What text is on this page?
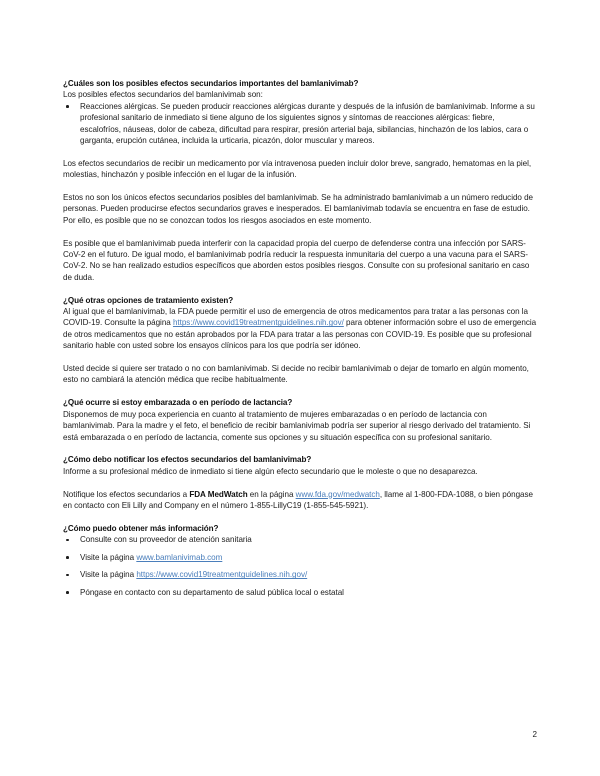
¿Cuáles son los posibles efectos secundarios importantes del bamlanivimab?

Los posibles efectos secundarios del bamlanivimab son:

Reacciones alérgicas. Se pueden producir reacciones alérgicas durante y después de la infusión de bamlanivimab. Informe a su profesional sanitario de inmediato si tiene alguno de los siguientes signos y síntomas de reacciones alérgicas: fiebre, escalofríos, náuseas, dolor de cabeza, dificultad para respirar, presión arterial baja, sibilancias, hinchazón de los labios, cara o garganta, erupción cutánea, incluida la urticaria, picazón, dolor muscular y mareos.

Los efectos secundarios de recibir un medicamento por vía intravenosa pueden incluir dolor breve, sangrado, hematomas en la piel, molestias, hinchazón y posible infección en el lugar de la infusión.

Estos no son los únicos efectos secundarios posibles del bamlanivimab. Se ha administrado bamlanivimab a un número reducido de personas. Pueden producirse efectos secundarios graves e inesperados. El bamlanivimab todavía se encuentra en fase de estudio. Por ello, es posible que no se conozcan todos los riesgos asociados en este momento.

Es posible que el bamlanivimab pueda interferir con la capacidad propia del cuerpo de defenderse contra una infección por SARS-CoV-2 en el futuro. De igual modo, el bamlanivimab podría reducir la respuesta inmunitaria del cuerpo a una vacuna para el SARS-CoV-2. No se han realizado estudios específicos que aborden estos posibles riesgos. Consulte con su profesional sanitario en caso de duda.

¿Qué otras opciones de tratamiento existen?

Al igual que el bamlanivimab, la FDA puede permitir el uso de emergencia de otros medicamentos para tratar a las personas con la COVID-19. Consulte la página https://www.covid19treatmentguidelines.nih.gov/ para obtener información sobre el uso de emergencia de otros medicamentos que no están aprobados por la FDA para tratar a las personas con COVID-19. Es posible que su profesional sanitario hable con usted sobre los ensayos clínicos para los que podría ser idóneo.

Usted decide si quiere ser tratado o no con bamlanivimab. Si decide no recibir bamlanivimab o dejar de tomarlo en algún momento, esto no cambiará la atención médica que recibe habitualmente.

¿Qué ocurre si estoy embarazada o en período de lactancia?

Disponemos de muy poca experiencia en cuanto al tratamiento de mujeres embarazadas o en período de lactancia con bamlanivimab. Para la madre y el feto, el beneficio de recibir bamlanivimab podría ser superior al riesgo derivado del tratamiento. Si está embarazada o en período de lactancia, comente sus opciones y su situación específica con su profesional sanitario.

¿Cómo debo notificar los efectos secundarios del bamlanivimab?

Informe a su profesional médico de inmediato si tiene algún efecto secundario que le moleste o que no desaparezca.

Notifique los efectos secundarios a FDA MedWatch en la página www.fda.gov/medwatch, llame al 1-800-FDA-1088, o bien póngase en contacto con Eli Lilly and Company en el número 1-855-LillyC19 (1-855-545-5921).

¿Cómo puedo obtener más información?

Consulte con su proveedor de atención sanitaria
Visite la página www.bamlanivimab.com
Visite la página https://www.covid19treatmentguidelines.nih.gov/
Póngase en contacto con su departamento de salud pública local o estatal
2
